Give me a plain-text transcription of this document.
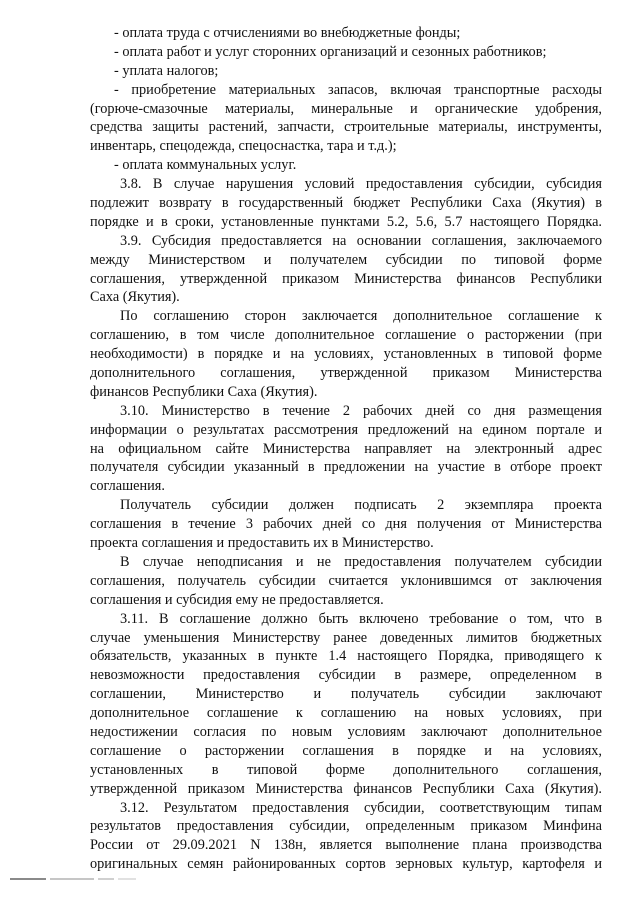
- оплата труда с отчислениями во внебюджетные фонды;
- оплата работ и услуг сторонних организаций и сезонных работников;
- уплата налогов;
- приобретение материальных запасов, включая транспортные расходы
(горюче-смазочные материалы, минеральные и органические удобрения,
средства защиты растений, запчасти, строительные материалы, инструменты,
инвентарь, спецодежда, спецоснастка, тара и т.д.);
- оплата коммунальных услуг.
3.8. В случае нарушения условий предоставления субсидии, субсидия
подлежит возврату в государственный бюджет Республики Саха (Якутия) в
порядке и в сроки, установленные пунктами 5.2, 5.6, 5.7 настоящего Порядка.
3.9. Субсидия предоставляется на основании соглашения, заключаемого
между Министерством и получателем субсидии по типовой форме
соглашения, утвержденной приказом Министерства финансов Республики
Саха (Якутия).
По соглашению сторон заключается дополнительное соглашение к
соглашению, в том числе дополнительное соглашение о расторжении (при
необходимости) в порядке и на условиях, установленных в типовой форме
дополнительного соглашения, утвержденной приказом Министерства
финансов Республики Саха (Якутия).
3.10. Министерство в течение 2 рабочих дней со дня размещения
информации о результатах рассмотрения предложений на едином портале и
на официальном сайте Министерства направляет на электронный адрес
получателя субсидии указанный в предложении на участие в отборе проект
соглашения.
Получатель субсидии должен подписать 2 экземпляра проекта
соглашения в течение 3 рабочих дней со дня получения от Министерства
проекта соглашения и предоставить их в Министерство.
В случае неподписания и не предоставления получателем субсидии
соглашения, получатель субсидии считается уклонившимся от заключения
соглашения и субсидия ему не предоставляется.
3.11. В соглашение должно быть включено требование о том, что в
случае уменьшения Министерству ранее доведенных лимитов бюджетных
обязательств, указанных в пункте 1.4 настоящего Порядка, приводящего к
невозможности предоставления субсидии в размере, определенном в
соглашении, Министерство и получатель субсидии заключают
дополнительное соглашение к соглашению на новых условиях, при
недостижении согласия по новым условиям заключают дополнительное
соглашение о расторжении соглашения в порядке и на условиях,
установленных в типовой форме дополнительного соглашения,
утвержденной приказом Министерства финансов Республики Саха (Якутия).
3.12. Результатом предоставления субсидии, соответствующим типам
результатов предоставления субсидии, определенным приказом Минфина
России от 29.09.2021 N 138н, является выполнение плана производства
оригинальных семян районированных сортов зерновых культур, картофеля и
